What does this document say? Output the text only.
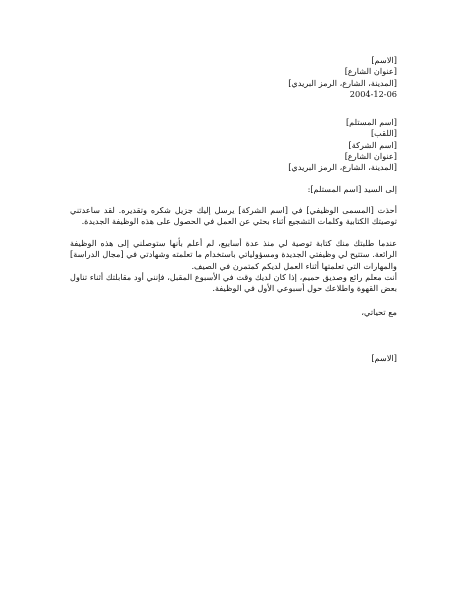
[الاسم]
[عنوان الشارع]
[المدينة، الشارع، الرمز البريدي]
2004-12-06
[اسم المستلم]
[اللقب]
[اسم الشركة]
[عنوان الشارع]
[المدينة، الشارع، الرمز البريدي]
إلى السيد [اسم المستلم]:
أحذت [المسمى الوظيفي] في [اسم الشركة] يرسل إليك جزيل شكره وتقديره. لقد ساعدتني توصيتك الكتابية وكلمات التشجيع أثناء بحثي عن العمل في الحصول على هذه الوظيفة الجديدة.
عندما طلبتك منك كتابة توصية لي منذ عدة أسابيع، لم أعلم بأنها ستوصلني إلى هذه الوظيفة الرائعة. ستتيح لي وظيفتي الجديدة ومسؤولياتي باستخدام ما تعلمته وشهادتي في [مجال الدراسة] والمهارات التي تعلمتها أثناء العمل لديكم كمتمرن في الصيف.
أنت معلم رائع وصديق حميم، إذا كان لديك وقت في الأسبوع المقبل، فإنني أود مقابلتك أثناء تناول بعض القهوة واطلاعك حول أسبوعي الأول في الوظيفة.
مع تحياتي،
[الاسم]
